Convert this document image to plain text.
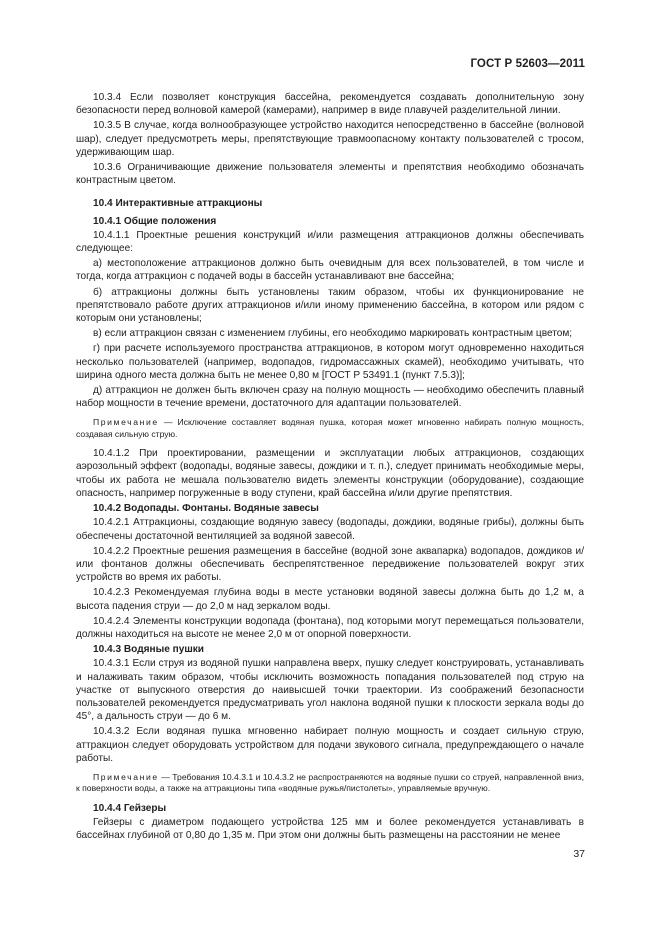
ГОСТ Р 52603—2011

10.3.4 Если позволяет конструкция бассейна, рекомендуется создавать дополнительную зону безопасности перед волновой камерой (камерами), например в виде плавучей разделительной линии.

10.3.5 В случае, когда волнообразующее устройство находится непосредственно в бассейне (волновой шар), следует предусмотреть меры, препятствующие травмоопасному контакту пользователей с тросом, удерживающим шар.

10.3.6 Ограничивающие движение пользователя элементы и препятствия необходимо обозначать контрастным цветом.

10.4 Интерактивные аттракционы

10.4.1 Общие положения

10.4.1.1 Проектные решения конструкций и/или размещения аттракционов должны обеспечивать следующее:

а) местоположение аттракционов должно быть очевидным для всех пользователей, в том числе и тогда, когда аттракцион с подачей воды в бассейн устанавливают вне бассейна;

б) аттракционы должны быть установлены таким образом, чтобы их функционирование не препятствовало работе других аттракционов и/или иному применению бассейна, в котором или рядом с которым они установлены;

в) если аттракцион связан с изменением глубины, его необходимо маркировать контрастным цветом;

г) при расчете используемого пространства аттракционов, в котором могут одновременно находиться несколько пользователей (например, водопадов, гидромассажных скамей), необходимо учитывать, что ширина одного места должна быть не менее 0,80 м [ГОСТ Р 53491.1 (пункт 7.5.3)];

д) аттракцион не должен быть включен сразу на полную мощность — необходимо обеспечить плавный набор мощности в течение времени, достаточного для адаптации пользователей.

Примечание — Исключение составляет водяная пушка, которая может мгновенно набирать полную мощность, создавая сильную струю.

10.4.1.2 При проектировании, размещении и эксплуатации любых аттракционов, создающих аэрозольный эффект (водопады, водяные завесы, дождики и т. п.), следует принимать необходимые меры, чтобы их работа не мешала пользователю видеть элементы конструкции (оборудование), создающие опасность, например погруженные в воду ступени, край бассейна и/или другие препятствия.

10.4.2 Водопады. Фонтаны. Водяные завесы

10.4.2.1 Аттракционы, создающие водяную завесу (водопады, дождики, водяные грибы), должны быть обеспечены достаточной вентиляцией за водяной завесой.

10.4.2.2 Проектные решения размещения в бассейне (водной зоне аквапарка) водопадов, дождиков и/или фонтанов должны обеспечивать беспрепятственное передвижение пользователей вокруг этих устройств во время их работы.

10.4.2.3 Рекомендуемая глубина воды в месте установки водяной завесы должна быть до 1,2 м, а высота падения струи — до 2,0 м над зеркалом воды.

10.4.2.4 Элементы конструкции водопада (фонтана), под которыми могут перемещаться пользователи, должны находиться на высоте не менее 2,0 м от опорной поверхности.

10.4.3 Водяные пушки

10.4.3.1 Если струя из водяной пушки направлена вверх, пушку следует конструировать, устанавливать и налаживать таким образом, чтобы исключить возможность попадания пользователей под струю на участке от выпускного отверстия до наивысшей точки траектории. Из соображений безопасности пользователей рекомендуется предусматривать угол наклона водяной пушки к плоскости зеркала воды до 45°, а дальность струи — до 6 м.

10.4.3.2 Если водяная пушка мгновенно набирает полную мощность и создает сильную струю, аттракцион следует оборудовать устройством для подачи звукового сигнала, предупреждающего о начале работы.

Примечание — Требования 10.4.3.1 и 10.4.3.2 не распространяются на водяные пушки со струей, направленной вниз, к поверхности воды, а также на аттракционы типа «водяные ружья/пистолеты», управляемые вручную.

10.4.4 Гейзеры

Гейзеры с диаметром подающего устройства 125 мм и более рекомендуется устанавливать в бассейнах глубиной от 0,80 до 1,35 м. При этом они должны быть размещены на расстоянии не менее

37
